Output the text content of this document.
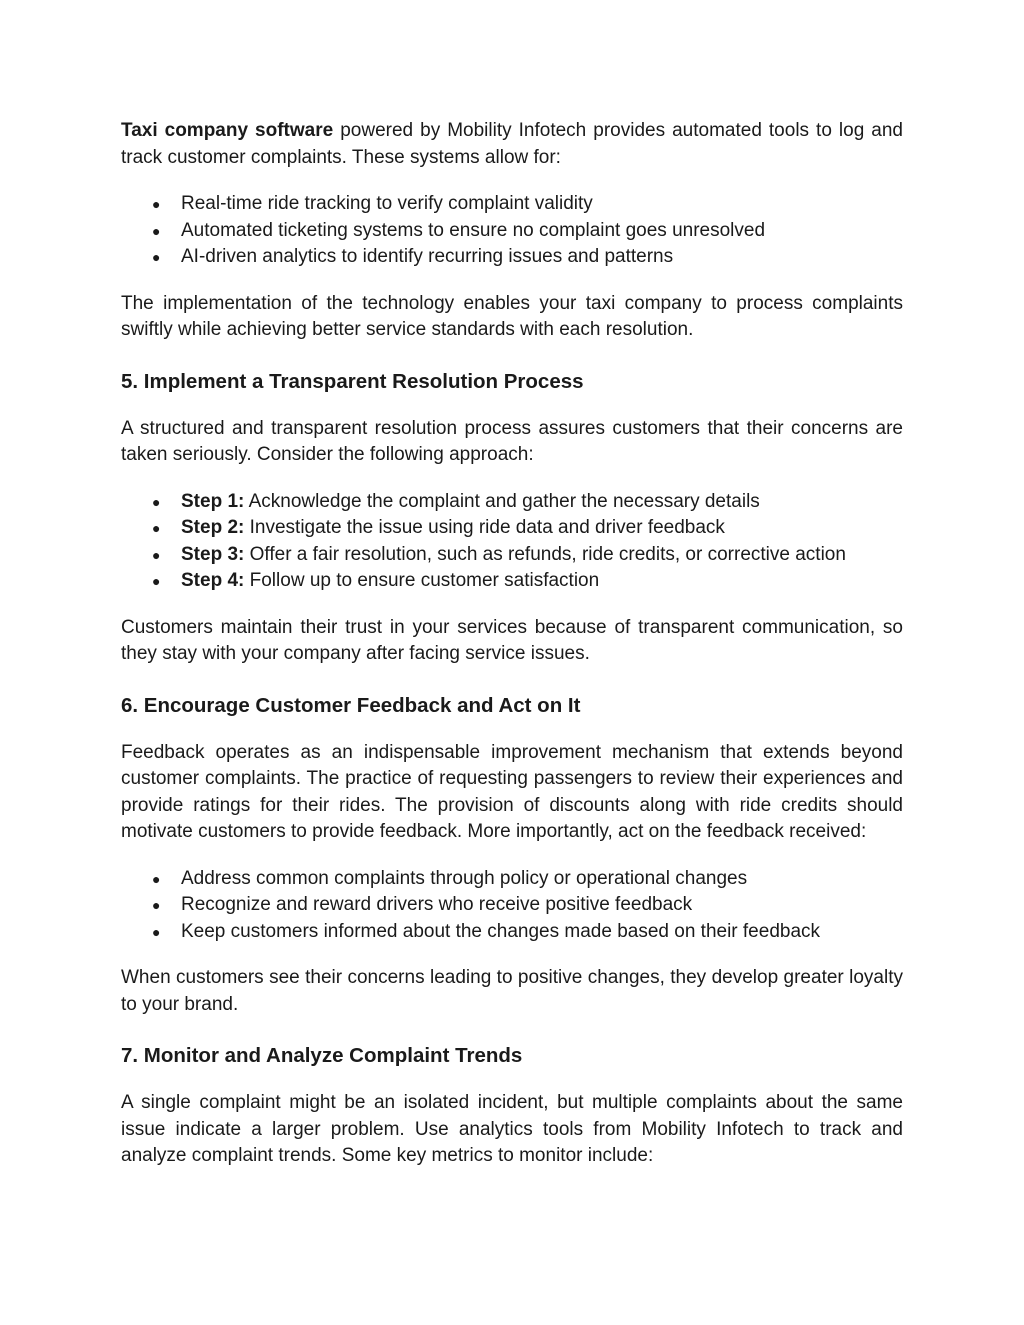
Taxi company software powered by Mobility Infotech provides automated tools to log and track customer complaints. These systems allow for:

● Real-time ride tracking to verify complaint validity
● Automated ticketing systems to ensure no complaint goes unresolved
● AI-driven analytics to identify recurring issues and patterns

The implementation of the technology enables your taxi company to process complaints swiftly while achieving better service standards with each resolution.

5. Implement a Transparent Resolution Process

A structured and transparent resolution process assures customers that their concerns are taken seriously. Consider the following approach:

● Step 1: Acknowledge the complaint and gather the necessary details
● Step 2: Investigate the issue using ride data and driver feedback
● Step 3: Offer a fair resolution, such as refunds, ride credits, or corrective action
● Step 4: Follow up to ensure customer satisfaction

Customers maintain their trust in your services because of transparent communication, so they stay with your company after facing service issues.

6. Encourage Customer Feedback and Act on It

Feedback operates as an indispensable improvement mechanism that extends beyond customer complaints. The practice of requesting passengers to review their experiences and provide ratings for their rides. The provision of discounts along with ride credits should motivate customers to provide feedback. More importantly, act on the feedback received:

● Address common complaints through policy or operational changes
● Recognize and reward drivers who receive positive feedback
● Keep customers informed about the changes made based on their feedback

When customers see their concerns leading to positive changes, they develop greater loyalty to your brand.

7. Monitor and Analyze Complaint Trends

A single complaint might be an isolated incident, but multiple complaints about the same issue indicate a larger problem. Use analytics tools from Mobility Infotech to track and analyze complaint trends. Some key metrics to monitor include:
